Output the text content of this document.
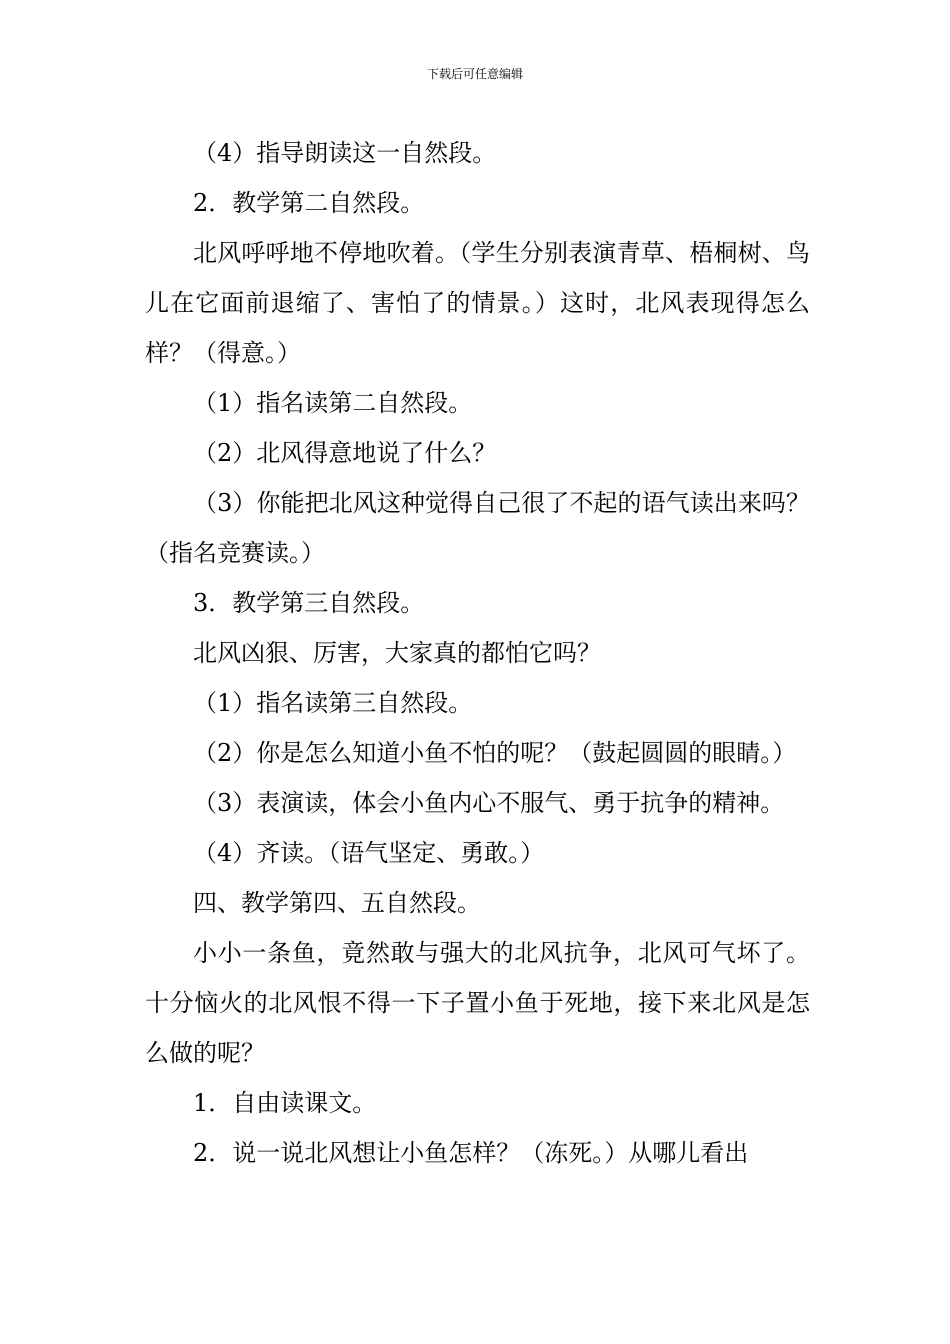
下载后可任意编辑

（4）指导朗读这一自然段。

2．教学第二自然段。

北风呼呼地不停地吹着。（学生分别表演青草、梧桐树、鸟儿在它面前退缩了、害怕了的情景。）这时，北风表现得怎么样？（得意。）

（1）指名读第二自然段。

（2）北风得意地说了什么？

（3）你能把北风这种觉得自己很了不起的语气读出来吗？（指名竞赛读。）

3．教学第三自然段。

北风凶狠、厉害，大家真的都怕它吗？

（1）指名读第三自然段。

（2）你是怎么知道小鱼不怕的呢？（鼓起圆圆的眼睛。）

（3）表演读，体会小鱼内心不服气、勇于抗争的精神。

（4）齐读。（语气坚定、勇敢。）

四、教学第四、五自然段。

小小一条鱼，竟然敢与强大的北风抗争，北风可气坏了。十分恼火的北风恨不得一下子置小鱼于死地，接下来北风是怎么做的呢？

1．自由读课文。

2．说一说北风想让小鱼怎样？（冻死。）从哪儿看出
